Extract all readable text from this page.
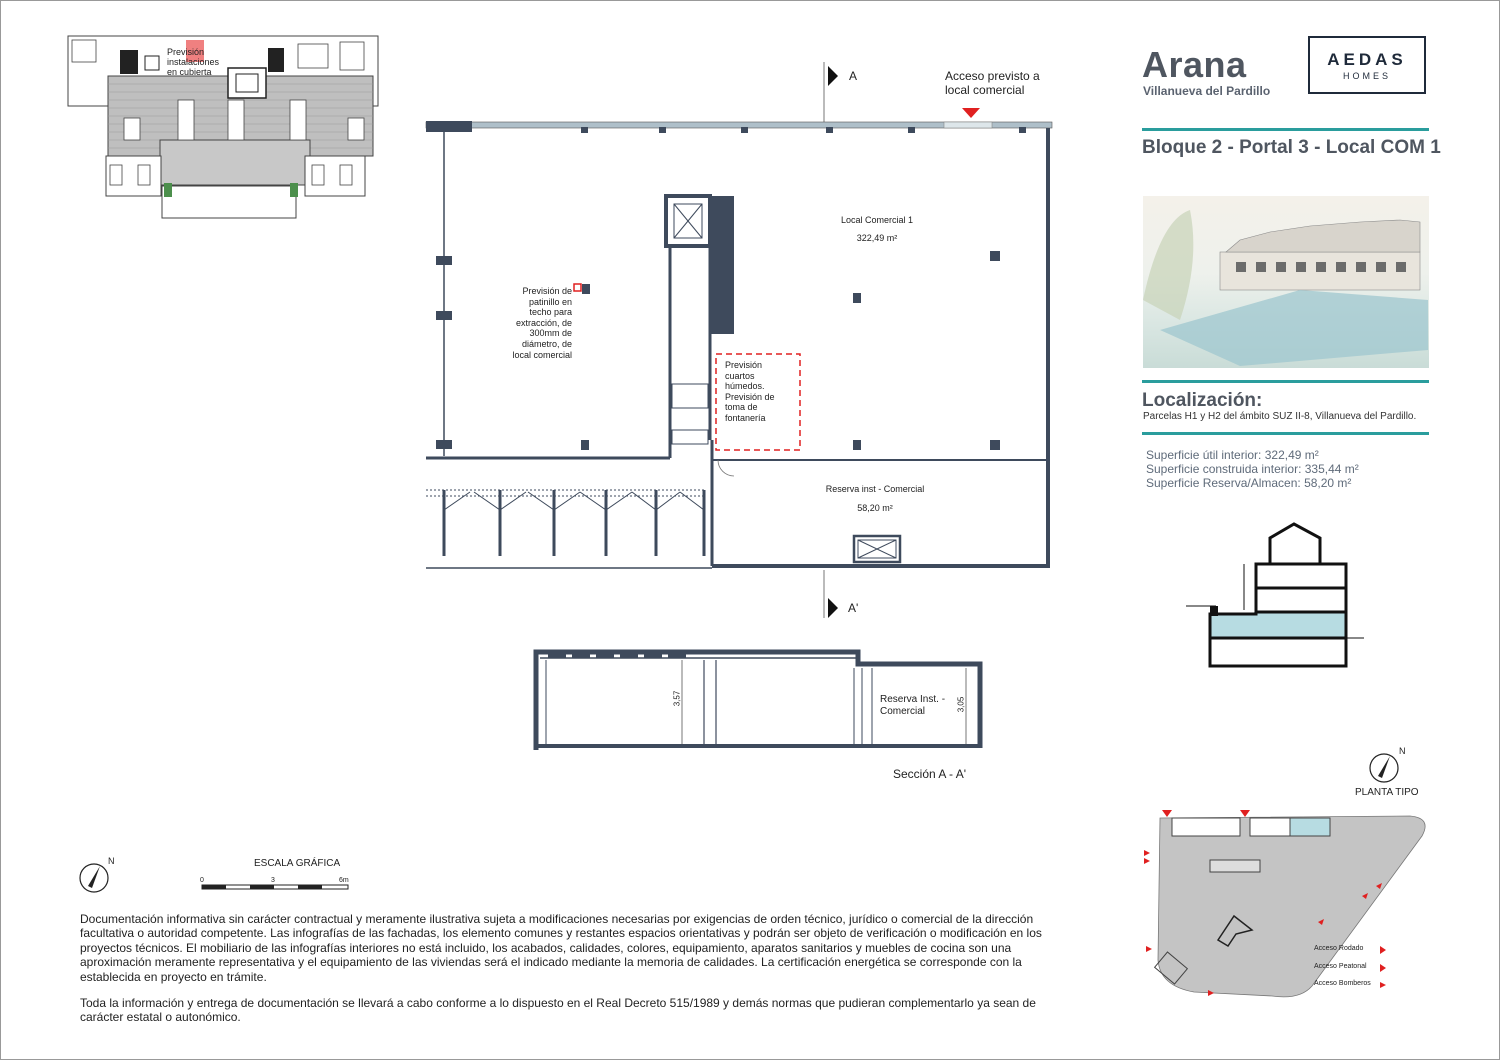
Arana
Villanueva del Pardillo
AEDAS
HOMES
Bloque 2 - Portal 3 - Local COM 1
Localización:
Parcelas H1 y H2 del ámbito SUZ II-8, Villanueva del Pardillo.
Superficie útil interior: 322,49 m²
Superficie construida interior: 335,44 m²
Superficie Reserva/Almacen: 58,20 m²
Previsión
instalaciones
en cubierta	A
A'
Acceso previsto a
local comercial
Local Comercial 1
322,49 m²
Reserva inst - Comercial
58,20 m²
Previsión de
patinillo en
techo para
extracción, de
300mm de
diámetro, de
local comercial
Previsión
cuartos
húmedos.
Previsión de
toma de
fontanería
3,57	3,05
Reserva Inst. -
Comercial
Sección A - A'
N	ESCALA GRÁFICA
0	3	6m
N
PLANTA TIPO
Acceso Rodado
Acceso Peatonal
Acceso Bomberos
Documentación informativa sin carácter contractual y meramente ilustrativa sujeta a modificaciones necesarias por exigencias de orden técnico, jurídico o comercial de la dirección facultativa o autoridad competente. Las infografías de las fachadas, los elemento comunes y restantes espacios orientativas y podrán ser objeto de verificación o modificación en los proyectos técnicos. El mobiliario de las infografías interiores no está incluido, los acabados, calidades, colores, equipamiento, aparatos sanitarios y muebles de cocina son una aproximación meramente representativa y el equipamiento de las viviendas será el indicado mediante la memoria de calidades. La certificación energética se corresponde con la establecida en proyecto en trámite.
Toda la información y entrega de documentación se llevará a cabo conforme a lo dispuesto en el Real Decreto 515/1989 y demás normas que pudieran complementarlo ya sean de carácter estatal o autonómico.
